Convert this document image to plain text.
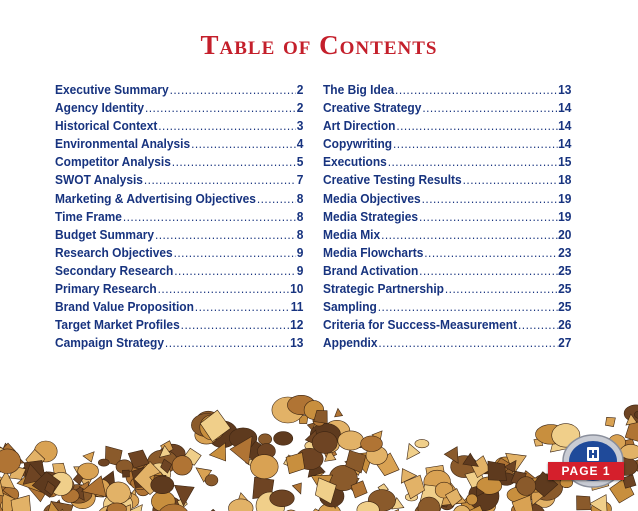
Table of Contents
Executive Summary .....	2
Agency Identity .....	2
Historical Context .....	3
Environmental Analysis .....	4
Competitor Analysis .....	5
SWOT Analysis .....	7
Marketing & Advertising Objectives .....	8
Time Frame .....	8
Budget Summary .....	8
Research Objectives .....	9
Secondary Research .....	9
Primary Research .....	10
Brand Value Proposition .....	11
Target Market Profiles .....	12
Campaign Strategy .....	13
The Big Idea .....	13
Creative Strategy .....	14
Art Direction .....	14
Copywriting .....	14
Executions .....	15
Creative Testing Results .....	18
Media Objectives .....	19
Media Strategies .....	19
Media Mix .....	20
Media Flowcharts .....	23
Brand Activation .....	25
Strategic Partnership .....	25
Sampling .....	25
Criteria for Success-Measurement .....	26
Appendix .....	27
PAGE 1
